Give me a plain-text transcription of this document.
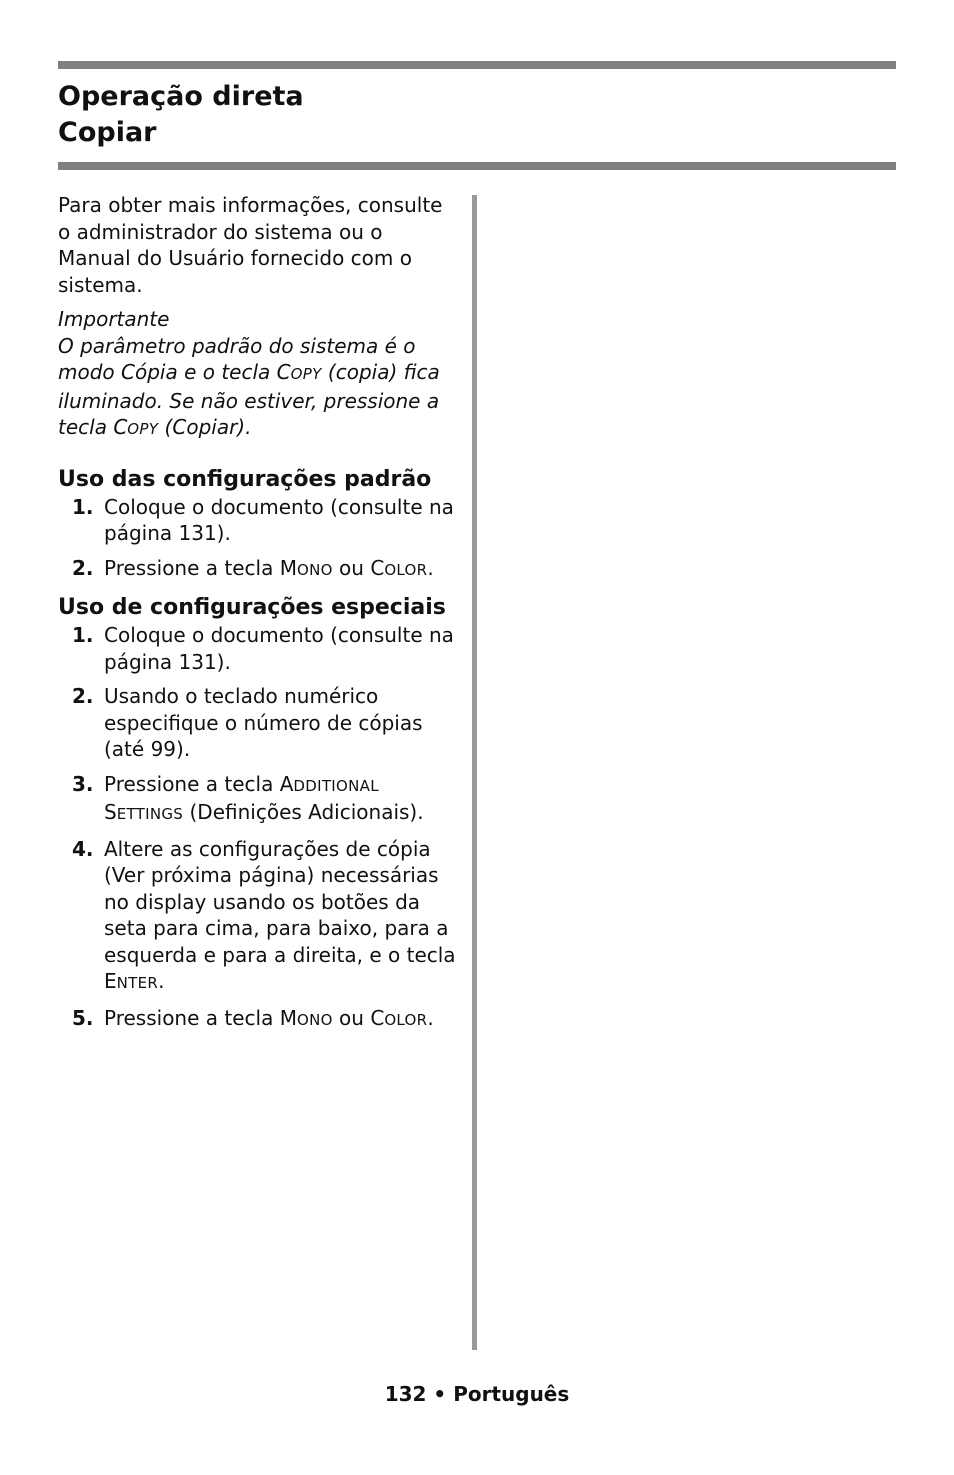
Operação direta
Copiar

Para obter mais informações, consulte o administrador do sistema ou o Manual do Usuário fornecido com o sistema.

Importante

O parâmetro padrão do sistema é o modo Cópia e o tecla COPY (copia) fica iluminado. Se não estiver, pressione a tecla COPY (Copiar).

Uso das configurações padrão
1. Coloque o documento (consulte na página 131).
2. Pressione a tecla MONO ou COLOR.
Uso de configurações especiais
1. Coloque o documento (consulte na página 131).
2. Usando o teclado numérico especifique o número de cópias (até 99).
3. Pressione a tecla ADDITIONAL SETTINGS (Definições Adicionais).
4. Altere as configurações de cópia (Ver próxima página) necessárias no display usando os botões da seta para cima, para baixo, para a esquerda e para a direita, e o tecla ENTER.
5. Pressione a tecla MONO ou COLOR.
132 • Português
